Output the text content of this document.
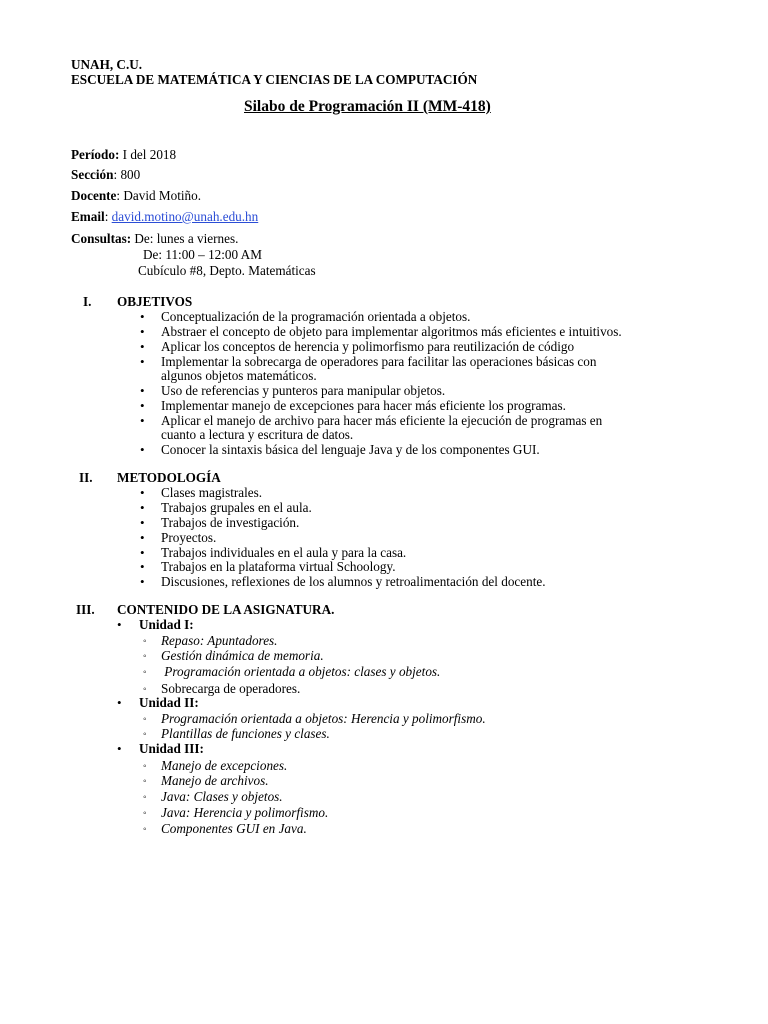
UNAH, C.U.
ESCUELA DE MATEMÁTICA Y CIENCIAS DE LA COMPUTACIÓN
Silabo de Programación II (MM-418)
Período: I del 2018
Sección: 800
Docente: David Motiño.
Email: david.motino@unah.edu.hn
Consultas: De: lunes a viernes.
De: 11:00 – 12:00 AM
Cubículo #8, Depto. Matemáticas
I. OBJETIVOS
• Conceptualización de la programación orientada a objetos.
• Abstraer el concepto de objeto para implementar algoritmos más eficientes e intuitivos.
• Aplicar los conceptos de herencia y polimorfismo para reutilización de código
• Implementar la sobrecarga de operadores para facilitar las operaciones básicas con
algunos objetos matemáticos.
• Uso de referencias y punteros para manipular objetos.
• Implementar manejo de excepciones para hacer más eficiente los programas.
• Aplicar el manejo de archivo para hacer más eficiente la ejecución de programas en
cuanto a lectura y escritura de datos.
• Conocer la sintaxis básica del lenguaje Java y de los componentes GUI.
II. METODOLOGÍA
• Clases magistrales.
• Trabajos grupales en el aula.
• Trabajos de investigación.
• Proyectos.
• Trabajos individuales en el aula y para la casa.
• Trabajos en la plataforma virtual Schoology.
• Discusiones, reflexiones de los alumnos y retroalimentación del docente.
III. CONTENIDO DE LA ASIGNATURA.
• Unidad I:
◦ Repaso: Apuntadores.
◦ Gestión dinámica de memoria.
◦ Programación orientada a objetos: clases y objetos.
◦ Sobrecarga de operadores.
• Unidad II:
◦ Programación orientada a objetos: Herencia y polimorfismo.
◦ Plantillas de funciones y clases.
• Unidad III:
◦ Manejo de excepciones.
◦ Manejo de archivos.
◦ Java: Clases y objetos.
◦ Java: Herencia y polimorfismo.
◦ Componentes GUI en Java.
